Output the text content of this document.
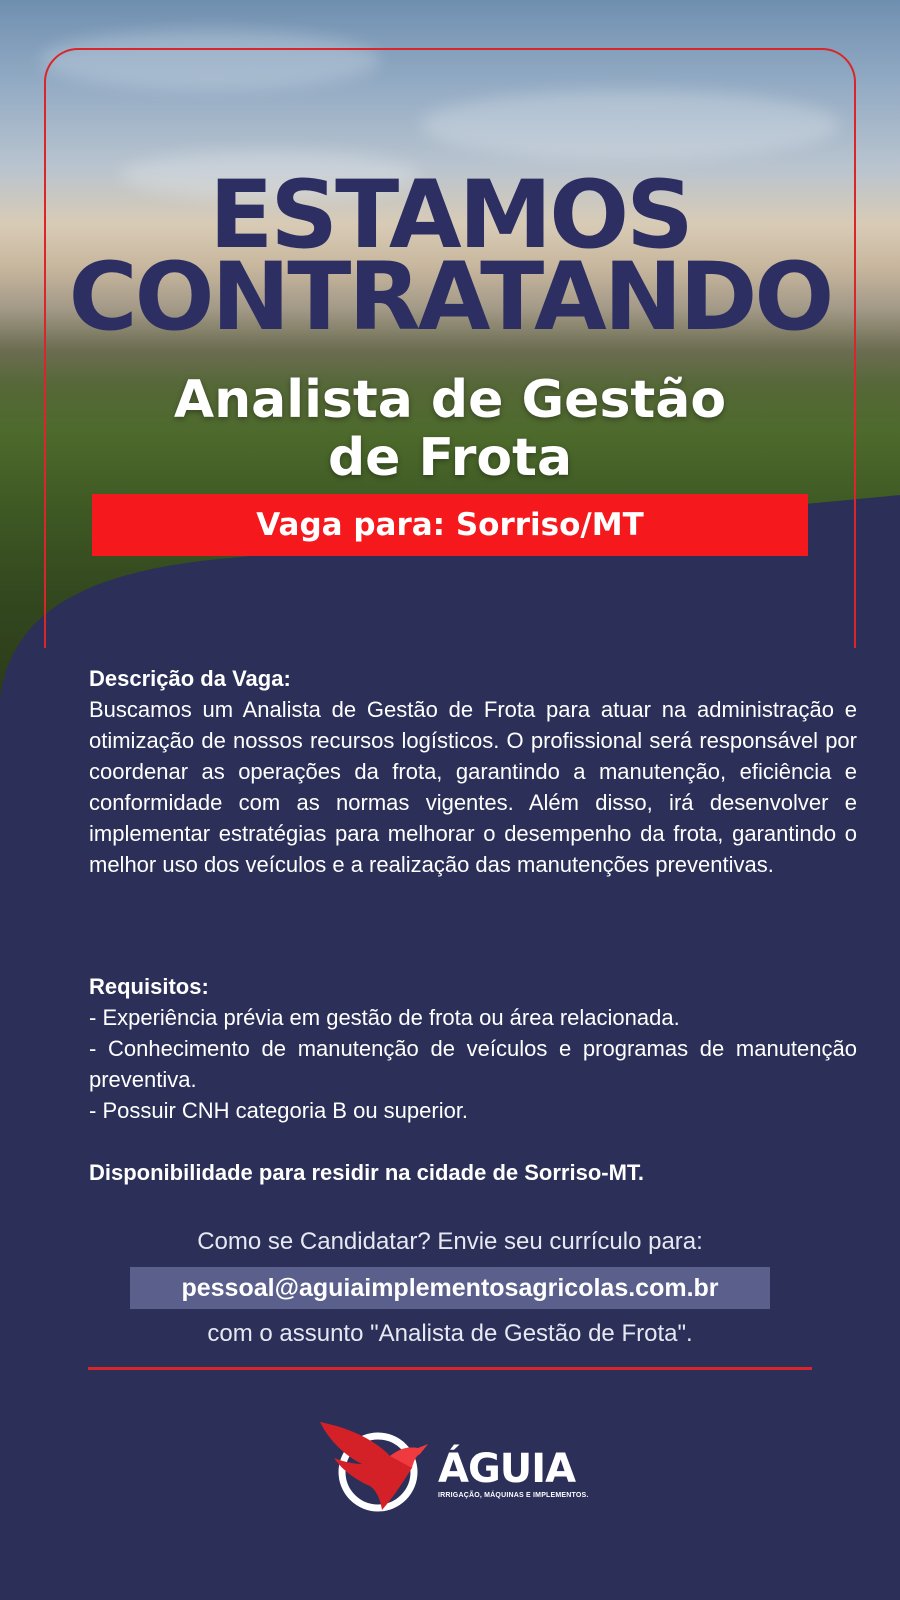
ESTAMOS
CONTRATANDO
Analista de Gestão
de Frota
Vaga para: Sorriso/MT
Descrição da Vaga:
Buscamos um Analista de Gestão de Frota para atuar na administração e otimização de nossos recursos logísticos. O profissional será responsável por coordenar as operações da frota, garantindo a manutenção, eficiência e conformidade com as normas vigentes. Além disso, irá desenvolver e implementar estratégias para melhorar o desempenho da frota, garantindo o melhor uso dos veículos e a realização das manutenções preventivas.
Requisitos:
- Experiência prévia em gestão de frota ou área relacionada.
- Conhecimento de manutenção de veículos e programas de manutenção preventiva.
- Possuir CNH categoria B ou superior.
Disponibilidade para residir na cidade de Sorriso-MT.
Como se Candidatar? Envie seu currículo para:
pessoal@aguiaimplementosagricolas.com.br
com o assunto "Analista de Gestão de Frota".
ÁGUIA
IRRIGAÇÃO, MÁQUINAS E IMPLEMENTOS.
